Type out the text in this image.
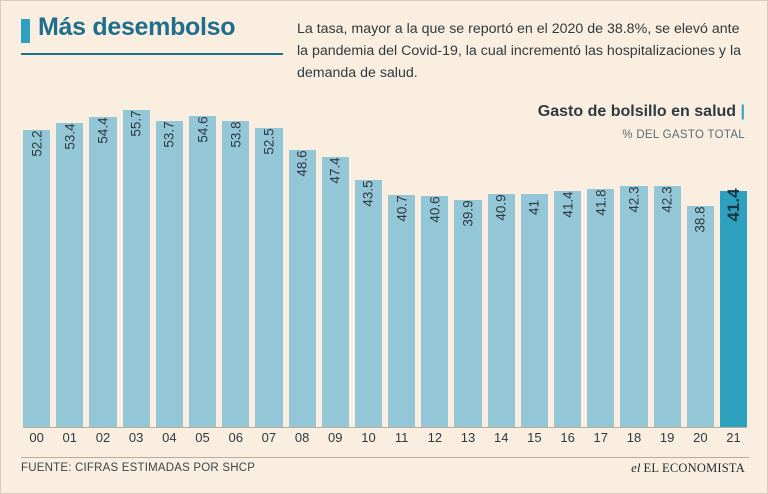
Más desembolso	La tasa, mayor a la que se reportó en el 2020 de 38.8%, se elevó ante la pandemia del Covid-19, la cual incrementó las hospitalizaciones y la demanda de salud.
Gasto de bolsillo en salud |
% DEL GASTO TOTAL
52.2 53.4 54.4 55.7 53.7 54.6 53.8 52.5
48.6 47.4
43.5
40.7 40.6 39.9 40.9 41 41.4 41.8 42.3 42.3
38.8 41.4
00	01	02	03	04	05	06	07	08	09	10	11	12	13	14	15	16	17	18	19	20	21
FUENTE: CIFRAS ESTIMADAS POR SHCP	el EL ECONOMISTA
